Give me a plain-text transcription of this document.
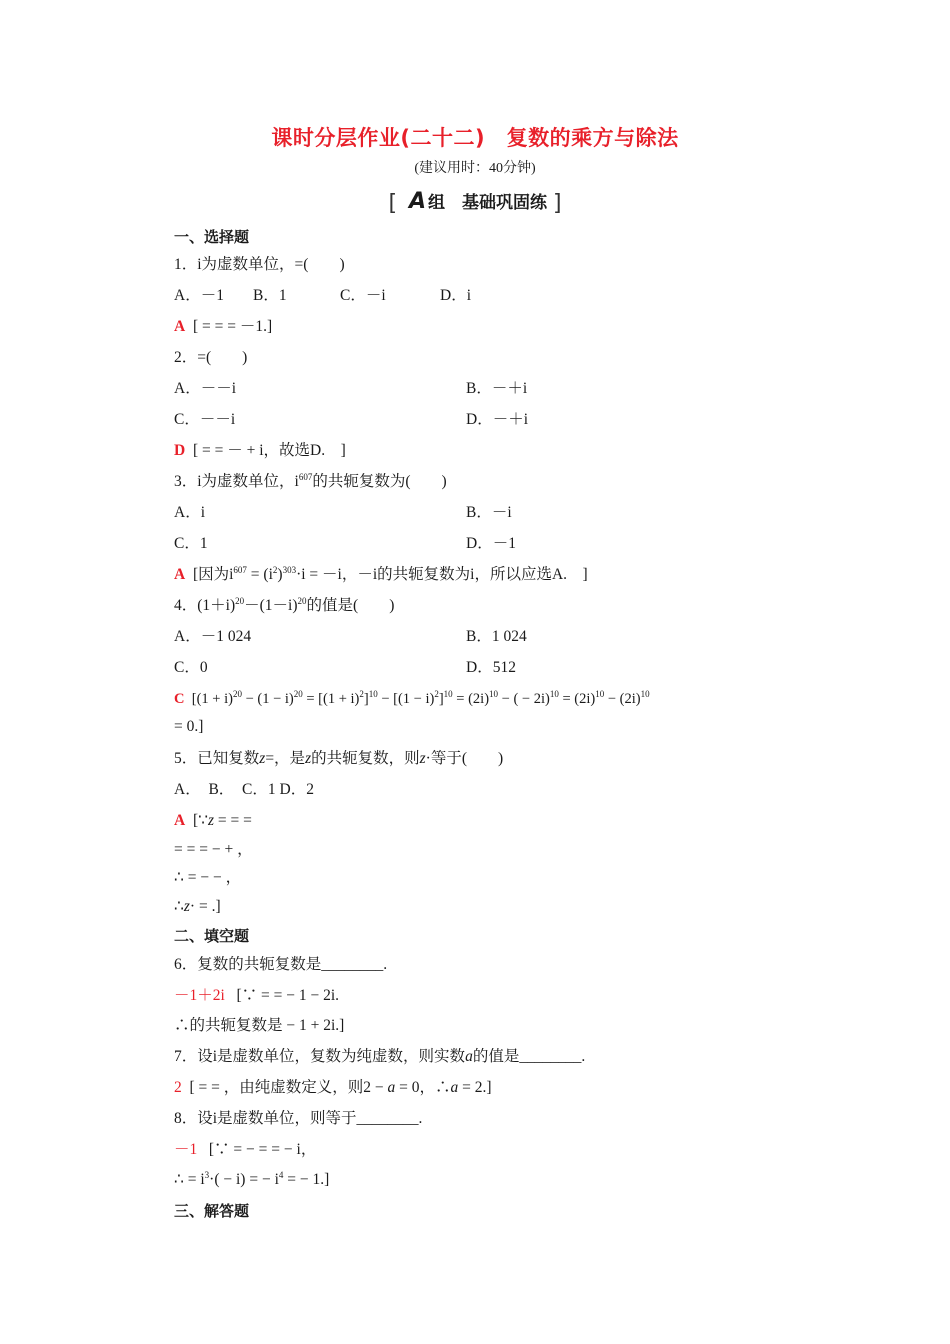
课时分层作业(二十二)　复数的乘方与除法
(建议用时：40分钟)
[ A 组　基础巩固练 ]
一、选择题
1．i为虚数单位，=(　　)
A．－1 B．1	C．－i	D．i
A [ = = = －1.]
2．=(　　)
A．－－i	B．－＋i
C．－－i	D．－＋i
D [ = = － + i，故选D.　]
3．i为虚数单位，$i^{607}$的共轭复数为(　　)
A．i	B．－i
C．1	D．－1
A [因为$i^{607} = (i^2)^{303}\cdot i = -i$，－i的共轭复数为i，所以应选A.　]
4．$(1+i)^{20}-(1-i)^{20}$的值是(　　)
A．－1 024	B．1 024
C．0	D．512
C [$(1 + i)^{20} - (1 - i)^{20} = [(1 + i)^2]^{10} - [(1 - i)^2]^{10} = (2i)^{10}$ − ( − $2i)^{10} = (2i)^{10} - (2i)^{10}$
= 0.]
5．已知复数z=，是z的共轭复数，则z·等于(　　)
A．　B．　C．1 D．2
A [∵z = = =
= = = − + ，
∴ = − − ，
∴z· = .]
二、填空题
6．复数的共轭复数是________.
－1＋2i [∵ = = − 1 − 2i.
∴的共轭复数是 − 1 + 2i.]
7．设i是虚数单位，复数为纯虚数，则实数a的值是________.
2 [ = = ，由纯虚数定义，则2 − a = 0，∴a = 2.]
8．设i是虚数单位，则等于________.
－1 [∵ = − = = − i，
∴ = $i^3\cdot( - i)$ = − $i^4$ = − 1.]
三、解答题
